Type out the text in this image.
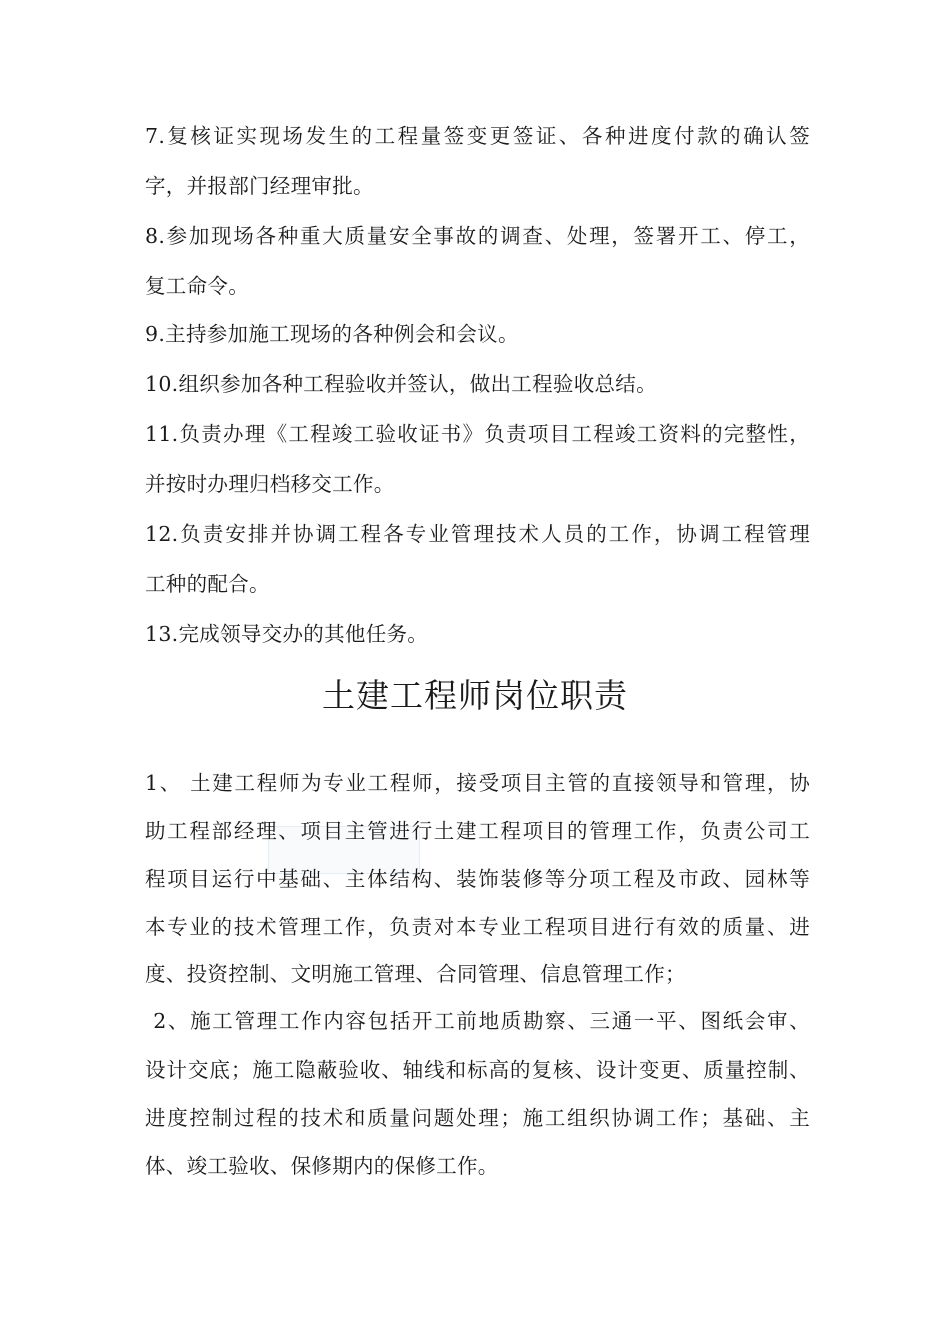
7.复核证实现场发生的工程量签变更签证、各种进度付款的确认签
字，并报部门经理审批。
8.参加现场各种重大质量安全事故的调查、处理，签署开工、停工，
复工命令。
9.主持参加施工现场的各种例会和会议。
10.组织参加各种工程验收并签认，做出工程验收总结。
11.负责办理《工程竣工验收证书》负责项目工程竣工资料的完整性，
并按时办理归档移交工作。
12.负责安排并协调工程各专业管理技术人员的工作，协调工程管理
工种的配合。
13.完成领导交办的其他任务。
土建工程师岗位职责
1、 土建工程师为专业工程师，接受项目主管的直接领导和管理，协
助工程部经理、项目主管进行土建工程项目的管理工作，负责公司工
程项目运行中基础、主体结构、装饰装修等分项工程及市政、园林等
本专业的技术管理工作，负责对本专业工程项目进行有效的质量、进
度、投资控制、文明施工管理、合同管理、信息管理工作；
2、施工管理工作内容包括开工前地质勘察、三通一平、图纸会审、
设计交底；施工隐蔽验收、轴线和标高的复核、设计变更、质量控制、
进度控制过程的技术和质量问题处理；施工组织协调工作；基础、主
体、竣工验收、保修期内的保修工作。
